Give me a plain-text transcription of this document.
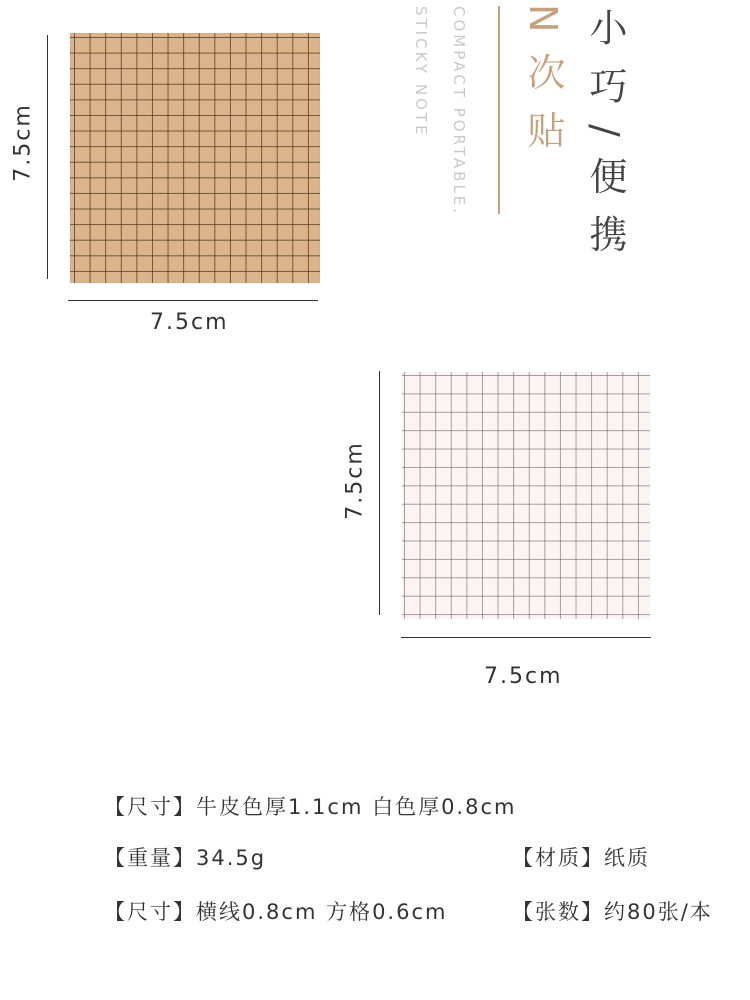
7.5cm
7.5cm
STICKY NOTE COMPACT PORTABLE. N次贴 小巧/便携
7.5cm
7.5cm
【尺寸】牛皮色厚1.1cm 白色厚0.8cm
【重量】34.5g	【材质】纸质
【尺寸】横线0.8cm 方格0.6cm	【张数】约80张/本
